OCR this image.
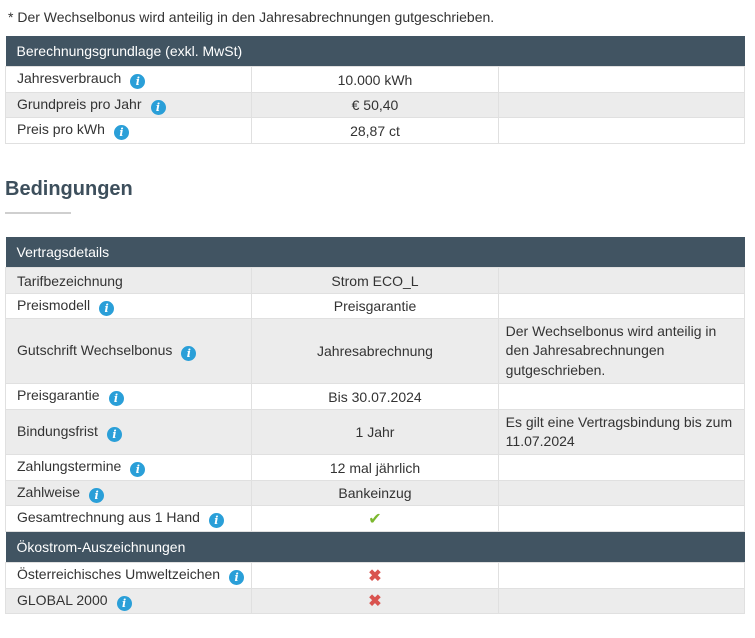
* Der Wechselbonus wird anteilig in den Jahresabrechnungen gutgeschrieben.
Berechnungsgrundlage (exkl. MwSt)		
Jahresverbrauch i	10.000 kWh	
Grundpreis pro Jahr i	€ 50,40	
Preis pro kWh i	28,87 ct	
Bedingungen
Vertragsdetails		
Tarifbezeichnung	Strom ECO_L	
Preismodell i	Preisgarantie	
Gutschrift Wechselbonus i	Jahresabrechnung	Der Wechselbonus wird anteilig in den Jahresabrechnungen gutgeschrieben.
Preisgarantie i	Bis 30.07.2024	
Bindungsfrist i	1 Jahr	Es gilt eine Vertragsbindung bis zum 11.07.2024
Zahlungstermine i	12 mal jährlich	
Zahlweise i	Bankeinzug	
Gesamtrechnung aus 1 Hand i	✔	
Ökostrom-Auszeichnungen		
Österreichisches Umweltzeichen i	✖	
GLOBAL 2000 i	✖	
